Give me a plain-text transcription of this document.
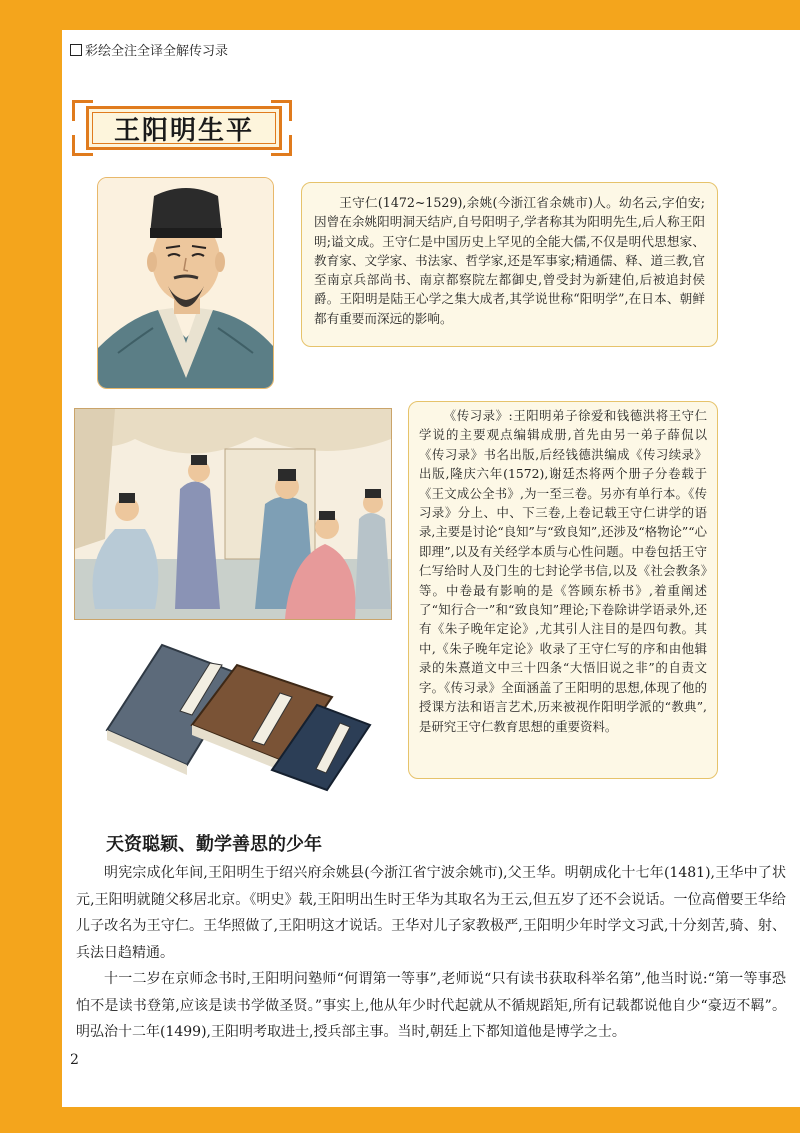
彩绘全注全译全解传习录
王阳明生平
王守仁(1472~1529),余姚(今浙江省余姚市)人。幼名云,字伯安;因曾在余姚阳明洞天结庐,自号阳明子,学者称其为阳明先生,后人称王阳明;谥文成。王守仁是中国历史上罕见的全能大儒,不仅是明代思想家、教育家、文学家、书法家、哲学家,还是军事家;精通儒、释、道三教,官至南京兵部尚书、南京都察院左都御史,曾受封为新建伯,后被追封侯爵。王阳明是陆王心学之集大成者,其学说世称“阳明学”,在日本、朝鲜都有重要而深远的影响。
《传习录》:王阳明弟子徐爱和钱德洪将王守仁学说的主要观点编辑成册,首先由另一弟子薛侃以《传习录》书名出版,后经钱德洪编成《传习续录》出版,隆庆六年(1572),谢廷杰将两个册子分卷载于《王文成公全书》,为一至三卷。另亦有单行本。《传习录》分上、中、下三卷,上卷记载王守仁讲学的语录,主要是讨论“良知”与“致良知”,还涉及“格物论”“心即理”,以及有关经学本质与心性问题。中卷包括王守仁写给时人及门生的七封论学书信,以及《社会教条》等。中卷最有影响的是《答顾东桥书》,着重阐述了“知行合一”和“致良知”理论;下卷除讲学语录外,还有《朱子晚年定论》,尤其引人注目的是四句教。其中,《朱子晚年定论》收录了王守仁写的序和由他辑录的朱熹道文中三十四条“大悟旧说之非”的自责文字。《传习录》全面涵盖了王阳明的思想,体现了他的授课方法和语言艺术,历来被视作阳明学派的“教典”,是研究王守仁教育思想的重要资料。
天资聪颖、勤学善思的少年

明宪宗成化年间,王阳明生于绍兴府余姚县(今浙江省宁波余姚市),父王华。明朝成化十七年(1481),王华中了状元,王阳明就随父移居北京。《明史》载,王阳明出生时王华为其取名为王云,但五岁了还不会说话。一位高僧要王华给儿子改名为王守仁。王华照做了,王阳明这才说话。王华对儿子家教极严,王阳明少年时学文习武,十分刻苦,骑、射、兵法日趋精通。

十一二岁在京师念书时,王阳明问塾师“何谓第一等事”,老师说“只有读书获取科举名第”,他当时说:“第一等事恐怕不是读书登第,应该是读书学做圣贤。”事实上,他从年少时代起就从不循规蹈矩,所有记载都说他自少“豪迈不羁”。明弘治十二年(1499),王阳明考取进士,授兵部主事。当时,朝廷上下都知道他是博学之士。

2
